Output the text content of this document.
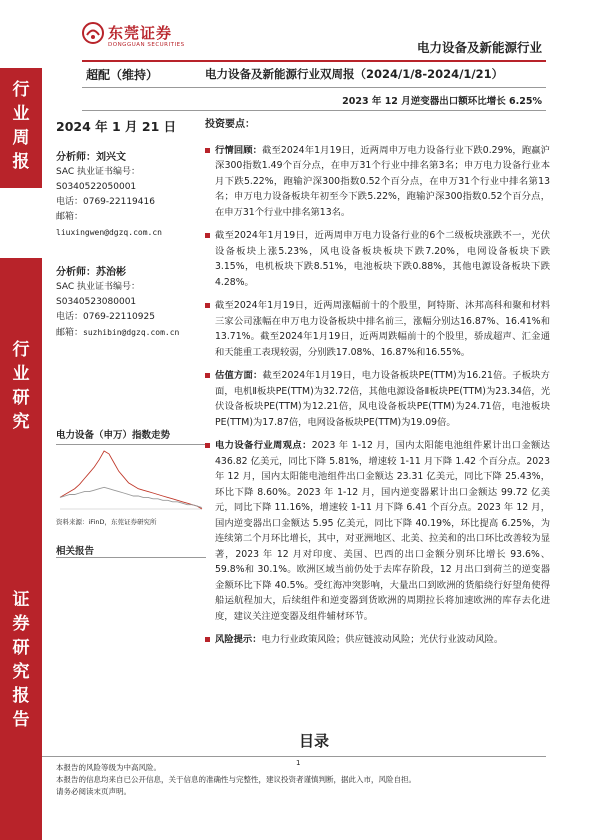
东莞证券
DONGGUAN SECURITIES	电力设备及新能源行业
行
业
周
报
行
业
研
究
证
券
研
究
报
告
超配（维持）	电力设备及新能源行业双周报（2024/1/8-2024/1/21）
2023 年 12 月逆变器出口额环比增长 6.25%
2024 年 1 月 21 日
分析师：刘兴文
SAC 执业证书编号：
S0340522050001
电话：0769-22119416
邮箱：
liuxingwen@dgzq.com.cn
分析师：苏治彬
SAC 执业证书编号：
S0340523080001
电话：0769-22110925
邮箱：suzhibin@dgzq.com.cn
电力设备（申万）指数走势
资料来源：iFinD，东莞证券研究所
相关报告
投资要点：

行情回顾：截至2024年1月19日，近两周申万电力设备行业下跌0.29%，跑赢沪深300指数1.49个百分点，在申万31个行业中排名第3名；申万电力设备行业本月下跌5.22%，跑输沪深300指数0.52个百分点，在申万31个行业中排名第13名；申万电力设备板块年初至今下跌5.22%，跑输沪深300指数0.52个百分点，在申万31个行业中排名第13名。

截至2024年1月19日，近两周申万电力设备行业的6个二级板块涨跌不一，光伏设备板块上涨5.23%，风电设备板块板块下跌7.20%，电网设备板块下跌3.15%，电机板块下跌8.51%，电池板块下跌0.88%，其他电源设备板块下跌4.28%。

截至2024年1月19日，近两周涨幅前十的个股里，阿特斯、沐邦高科和聚和材料三家公司涨幅在申万电力设备板块中排名前三，涨幅分别达16.87%、16.41%和13.71%。截至2024年1月19日，近两周跌幅前十的个股里，骄成超声、汇金通和天能重工表现较弱，分别跌17.08%、16.87%和16.55%。

估值方面：截至2024年1月19日，电力设备板块PE(TTM)为16.21倍。子板块方面，电机Ⅱ板块PE(TTM)为32.72倍，其他电源设备Ⅱ板块PE(TTM)为23.34倍，光伏设备板块PE(TTM)为12.21倍，风电设备板块PE(TTM)为24.71倍，电池板块PE(TTM)为17.87倍，电网设备板块PE(TTM)为19.09倍。

电力设备行业周观点：2023 年 1-12 月，国内太阳能电池组件累计出口金额达 436.82 亿美元，同比下降 5.81%，增速较 1-11 月下降 1.42 个百分点。2023 年 12 月，国内太阳能电池组件出口金额达 23.31 亿美元，同比下降 25.43%，环比下降 8.60%。2023 年 1-12 月，国内逆变器累计出口金额达 99.72 亿美元，同比下降 11.16%，增速较 1-11 月下降 6.41 个百分点。2023 年 12 月，国内逆变器出口金额达 5.95 亿美元，同比下降 40.19%，环比提高 6.25%，为连续第二个月环比增长，其中，对亚洲地区、北美、拉美和的出口环比改善较为显著，2023 年 12 月对印度、美国、巴西的出口金额分别环比增长 93.6%、59.8%和 30.1%。欧洲区域当前仍处于去库存阶段，12 月出口到荷兰的逆变器金额环比下降 40.5%。受红海冲突影响，大量出口到欧洲的货船绕行好望角使得船运航程加大，后续组件和逆变器到货欧洲的周期拉长将加速欧洲的库存去化进度，建议关注逆变器及组件辅材环节。

风险提示：电力行业政策风险；供应链波动风险；光伏行业波动风险。

目录
1
本报告的风险等级为中高风险。
本报告的信息均来自已公开信息，关于信息的准确性与完整性，建议投资者谨慎判断，据此入市，风险自担。
请务必阅读末页声明。
